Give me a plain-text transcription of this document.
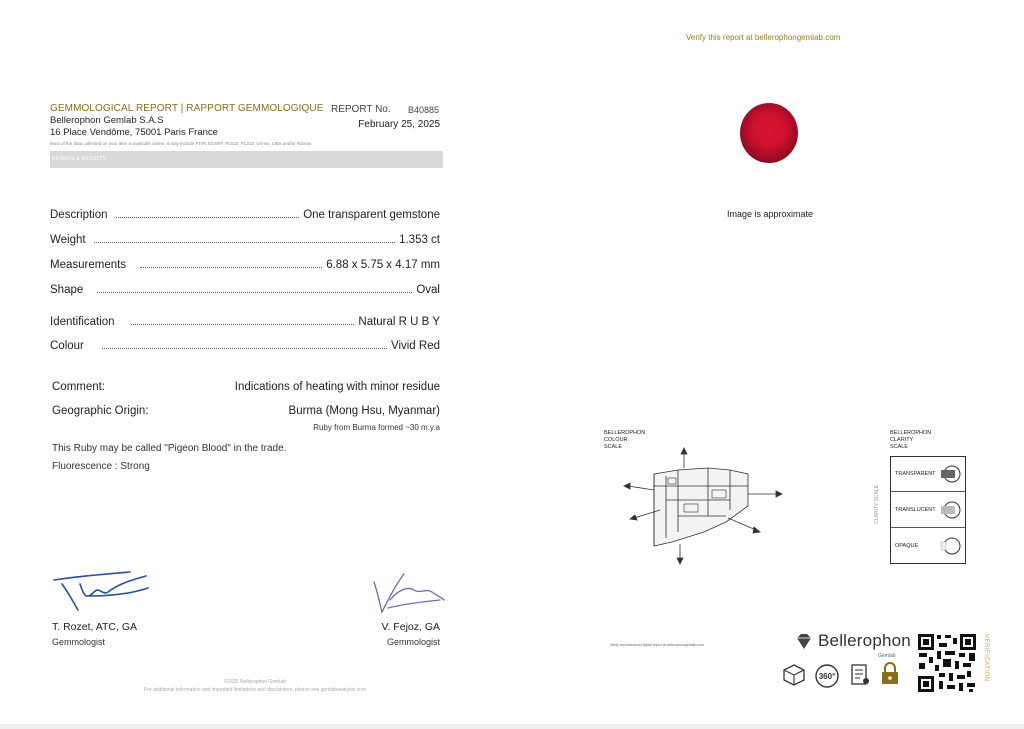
GEMMOLOGICAL REPORT | RAPPORT GEMMOLOGIQUE
Bellerophon Gemlab S.A.S
16 Place Vendôme, 75001 Paris France
REPORT No. B40885
February 25, 2025
Most of the data collected on your item is available online. It may include FTIR, EDXRF, PL532, PL313, UV-vis, LIBS and/or Raman
DETAILS & RESULTS
Description	One transparent gemstone
Weight	1.353 ct
Measurements	6.88 x 5.75 x 4.17 mm
Shape	Oval
Identification	Natural R U B Y
Colour	Vivid Red
Comment:	Indications of heating with minor residue
Geographic Origin:	Burma (Mong Hsu, Myanmar)
Ruby from Burma formed ~30 m.y.a
This Ruby may be called "Pigeon Blood" in the trade.
Fluorescence : Strong
T. Rozet, ATC, GA
Gemmologist
V. Fejoz, GA
Gemmologist
©2025 Bellerophon Gemlab
For additional information and important limitations and disclaimers, please see gemlabanalysis.com
Verify this report at bellerophongemlab.com
Image is approximate
BELLEROPHON
COLOUR
SCALE
BELLEROPHON
CLARITY
SCALE
CLARITY SCALE
TRANSPARENT
TRANSLUCENT
OPAQUE
Verify and download digital report at bellerophongemlab.com	Bellerophon
Gemlab
360°	VERIFICATION
